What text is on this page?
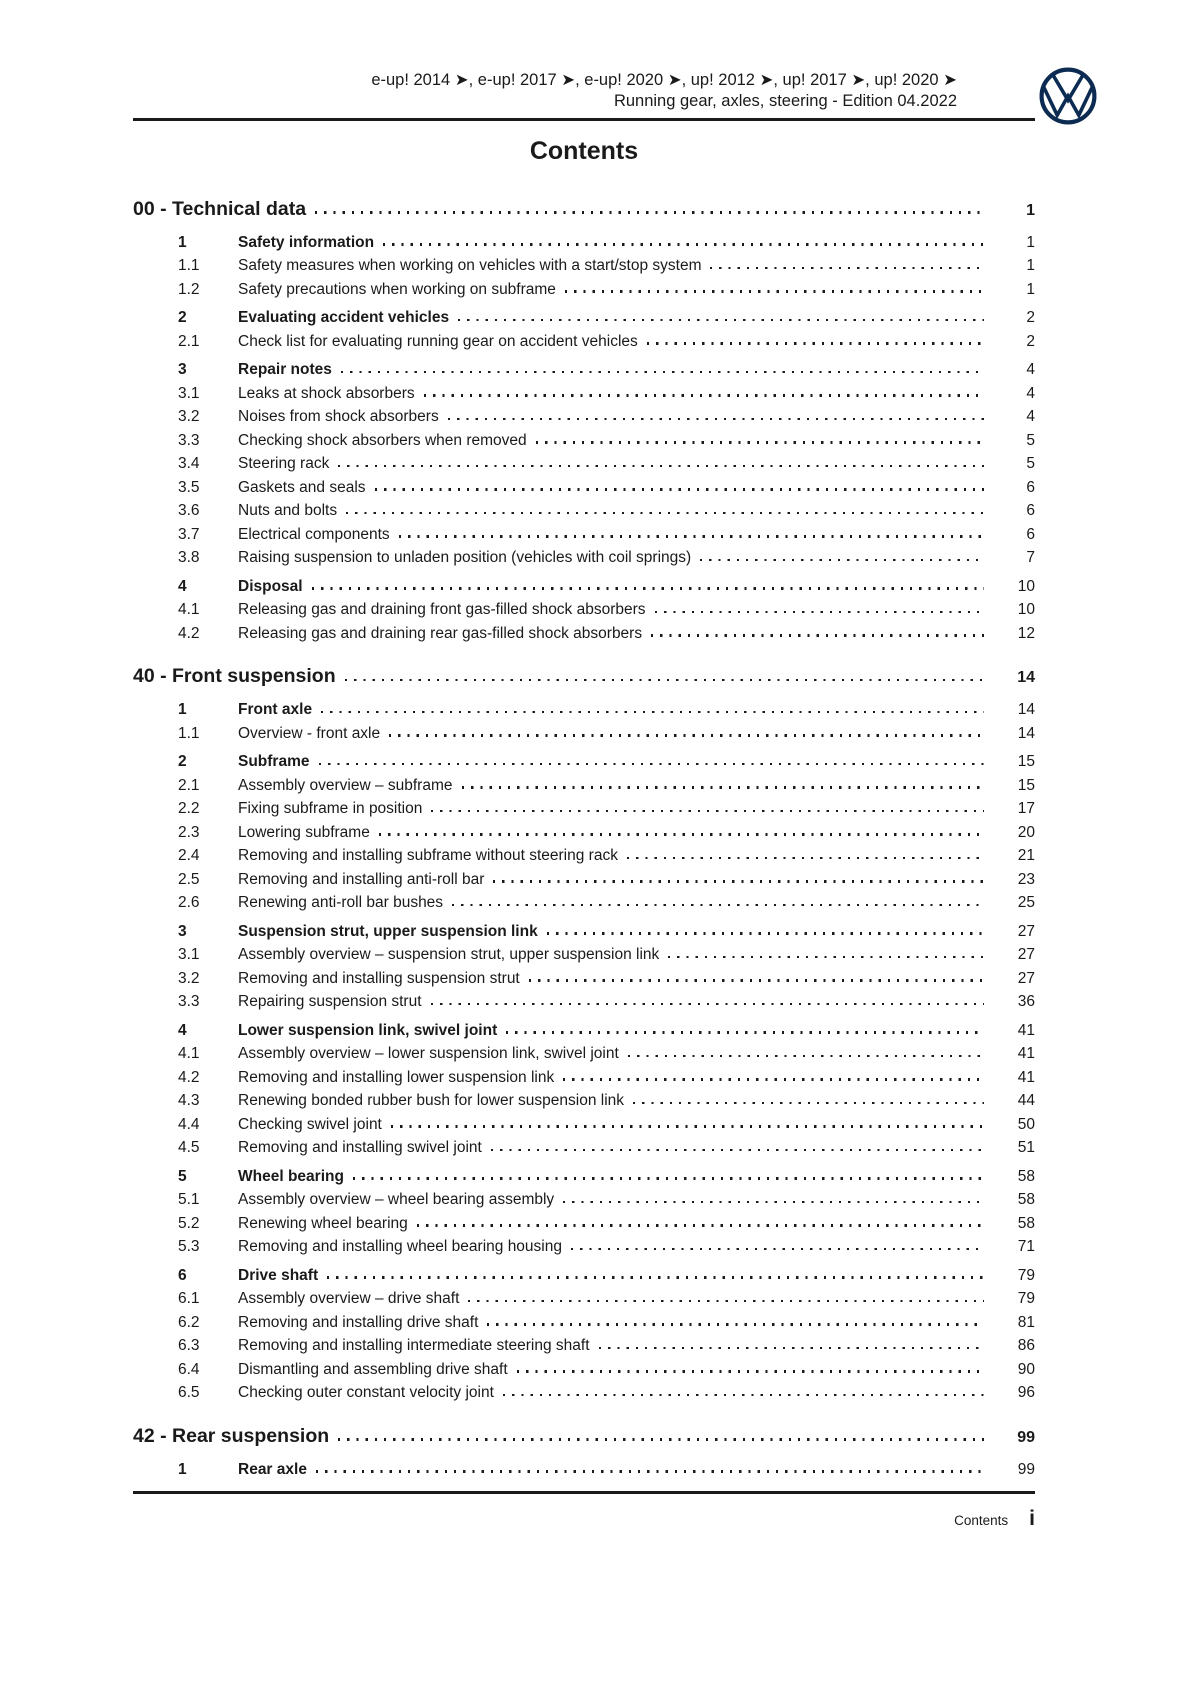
e-up! 2014 ➤, e-up! 2017 ➤, e-up! 2020 ➤, up! 2012 ➤, up! 2017 ➤, up! 2020 ➤
Running gear, axles, steering - Edition 04.2022
Contents
00 - Technical data	1
1	Safety information	1
1.1	Safety measures when working on vehicles with a start/stop system	1
1.2	Safety precautions when working on subframe	1
2	Evaluating accident vehicles	2
2.1	Check list for evaluating running gear on accident vehicles	2
3	Repair notes	4
3.1	Leaks at shock absorbers	4
3.2	Noises from shock absorbers	4
3.3	Checking shock absorbers when removed	5
3.4	Steering rack	5
3.5	Gaskets and seals	6
3.6	Nuts and bolts	6
3.7	Electrical components	6
3.8	Raising suspension to unladen position (vehicles with coil springs)	7
4	Disposal	10
4.1	Releasing gas and draining front gas-filled shock absorbers	10
4.2	Releasing gas and draining rear gas-filled shock absorbers	12
40 - Front suspension	14
1	Front axle	14
1.1	Overview - front axle	14
2	Subframe	15
2.1	Assembly overview – subframe	15
2.2	Fixing subframe in position	17
2.3	Lowering subframe	20
2.4	Removing and installing subframe without steering rack	21
2.5	Removing and installing anti-roll bar	23
2.6	Renewing anti-roll bar bushes	25
3	Suspension strut, upper suspension link	27
3.1	Assembly overview – suspension strut, upper suspension link	27
3.2	Removing and installing suspension strut	27
3.3	Repairing suspension strut	36
4	Lower suspension link, swivel joint	41
4.1	Assembly overview – lower suspension link, swivel joint	41
4.2	Removing and installing lower suspension link	41
4.3	Renewing bonded rubber bush for lower suspension link	44
4.4	Checking swivel joint	50
4.5	Removing and installing swivel joint	51
5	Wheel bearing	58
5.1	Assembly overview – wheel bearing assembly	58
5.2	Renewing wheel bearing	58
5.3	Removing and installing wheel bearing housing	71
6	Drive shaft	79
6.1	Assembly overview – drive shaft	79
6.2	Removing and installing drive shaft	81
6.3	Removing and installing intermediate steering shaft	86
6.4	Dismantling and assembling drive shaft	90
6.5	Checking outer constant velocity joint	96
42 - Rear suspension	99
1	Rear axle	99
Contents i
